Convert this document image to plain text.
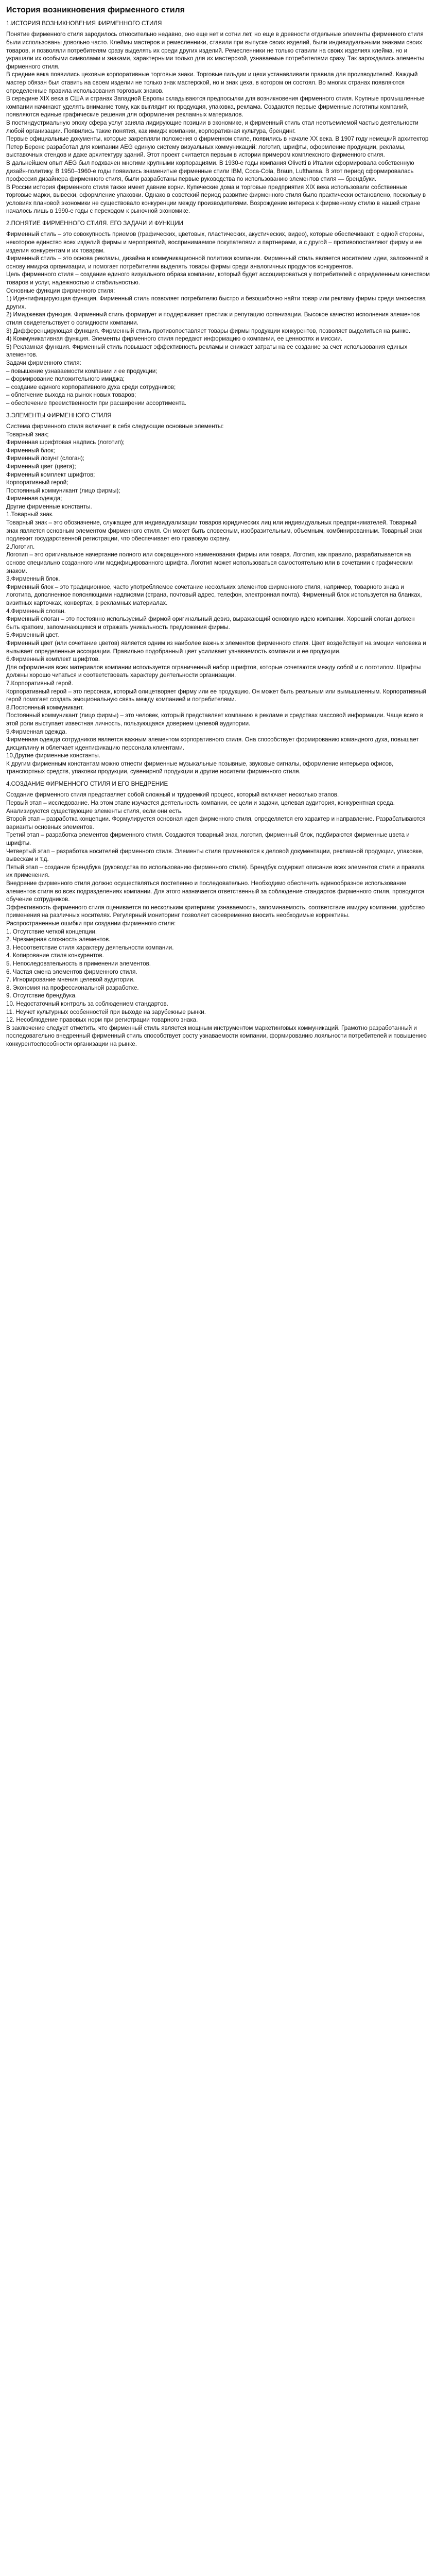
История возникновения фирменного стиля
1.ИСТОРИЯ ВОЗНИКНОВЕНИЯ ФИРМЕННОГО СТИЛЯ
Понятие фирменного стиля зародилось относительно недавно, оно еще нет и сотни лет, но еще в древности отдельные элементы фирменного стиля были использованы довольно часто. Клеймы мастеров и ремесленники, ставили при выпуске своих изделий, были индивидуальными знаками своих товаров, и позволяли потребителям сразу выделять их среди других изделий. Ремесленники не только ставили на своих изделиях клейма, но и украшали их особыми символами и знаками, характерными только для их мастерской, узнаваемые потребителями сразу. Так зарождались элементы фирменного стиля.
В средние века появились цеховые корпоративные торговые знаки. Торговые гильдии и цехи устанавливали правила для производителей. Каждый мастер обязан был ставить на своем изделии не только знак мастерской, но и знак цеха, в котором он состоял. Во многих странах появляются определенные правила использования торговых знаков.
В середине XIX века в США и странах Западной Европы складываются предпосылки для возникновения фирменного стиля. Крупные промышленные компании начинают уделять внимание тому, как выглядит их продукция, упаковка, реклама. Создаются первые фирменные логотипы компаний, появляются единые графические решения для оформления рекламных материалов.
В постиндустриальную эпоху сфера услуг заняла лидирующие позиции в экономике, и фирменный стиль стал неотъемлемой частью деятельности любой организации. Появились такие понятия, как имидж компании, корпоративная культура, брендинг.
Первые официальные документы, которые закрепляли положения о фирменном стиле, появились в начале XX века. В 1907 году немецкий архитектор Петер Беренс разработал для компании AEG единую систему визуальных коммуникаций: логотип, шрифты, оформление продукции, рекламы, выставочных стендов и даже архитектуру зданий. Этот проект считается первым в истории примером комплексного фирменного стиля.
В дальнейшем опыт AEG был подхвачен многими крупными корпорациями. В 1930-е годы компания Olivetti в Италии сформировала собственную дизайн-политику. В 1950–1960-е годы появились знаменитые фирменные стили IBM, Coca-Cola, Braun, Lufthansa. В этот период сформировалась профессия дизайнера фирменного стиля, были разработаны первые руководства по использованию элементов стиля — брендбуки.
В России история фирменного стиля также имеет давние корни. Купеческие дома и торговые предприятия XIX века использовали собственные торговые марки, вывески, оформление упаковки. Однако в советский период развитие фирменного стиля было практически остановлено, поскольку в условиях плановой экономики не существовало конкуренции между производителями. Возрождение интереса к фирменному стилю в нашей стране началось лишь в 1990-е годы с переходом к рыночной экономике.
2.ПОНЯТИЕ ФИРМЕННОГО СТИЛЯ. ЕГО ЗАДАЧИ И ФУНКЦИИ
Фирменный стиль – это совокупность приемов (графических, цветовых, пластических, акустических, видео), которые обеспечивают, с одной стороны, некоторое единство всех изделий фирмы и мероприятий, воспринимаемое покупателями и партнерами, а с другой – противопоставляют фирму и ее изделия конкурентам и их товарам.
Фирменный стиль – это основа рекламы, дизайна и коммуникационной политики компании. Фирменный стиль является носителем идеи, заложенной в основу имиджа организации, и помогает потребителям выделять товары фирмы среди аналогичных продуктов конкурентов.
Цель фирменного стиля – создание единого визуального образа компании, который будет ассоциироваться у потребителей с определенным качеством товаров и услуг, надежностью и стабильностью.
Основные функции фирменного стиля:
1) Идентифицирующая функция. Фирменный стиль позволяет потребителю быстро и безошибочно найти товар или рекламу фирмы среди множества других.
2) Имиджевая функция. Фирменный стиль формирует и поддерживает престиж и репутацию организации. Высокое качество исполнения элементов стиля свидетельствует о солидности компании.
3) Дифференцирующая функция. Фирменный стиль противопоставляет товары фирмы продукции конкурентов, позволяет выделиться на рынке.
4) Коммуникативная функция. Элементы фирменного стиля передают информацию о компании, ее ценностях и миссии.
5) Рекламная функция. Фирменный стиль повышает эффективность рекламы и снижает затраты на ее создание за счет использования единых элементов.
Задачи фирменного стиля:
– повышение узнаваемости компании и ее продукции;
– формирование положительного имиджа;
– создание единого корпоративного духа среди сотрудников;
– облегчение выхода на рынок новых товаров;
– обеспечение преемственности при расширении ассортимента.
3.ЭЛЕМЕНТЫ ФИРМЕННОГО СТИЛЯ
Система фирменного стиля включает в себя следующие основные элементы:
Товарный знак;
Фирменная шрифтовая надпись (логотип);
Фирменный блок;
Фирменный лозунг (слоган);
Фирменный цвет (цвета);
Фирменный комплект шрифтов;
Корпоративный герой;
Постоянный коммуникант (лицо фирмы);
Фирменная одежда;
Другие фирменные константы.
1.Товарный знак.
Товарный знак – это обозначение, служащее для индивидуализации товаров юридических лиц или индивидуальных предпринимателей. Товарный знак является основным элементом фирменного стиля. Он может быть словесным, изобразительным, объемным, комбинированным. Товарный знак подлежит государственной регистрации, что обеспечивает его правовую охрану.
2.Логотип.
Логотип – это оригинальное начертание полного или сокращенного наименования фирмы или товара. Логотип, как правило, разрабатывается на основе специально созданного или модифицированного шрифта. Логотип может использоваться самостоятельно или в сочетании с графическим знаком.
3.Фирменный блок.
Фирменный блок – это традиционное, часто употребляемое сочетание нескольких элементов фирменного стиля, например, товарного знака и логотипа, дополненное поясняющими надписями (страна, почтовый адрес, телефон, электронная почта). Фирменный блок используется на бланках, визитных карточках, конвертах, в рекламных материалах.
4.Фирменный слоган.
Фирменный слоган – это постоянно используемый фирмой оригинальный девиз, выражающий основную идею компании. Хороший слоган должен быть кратким, запоминающимся и отражать уникальность предложения фирмы.
5.Фирменный цвет.
Фирменный цвет (или сочетание цветов) является одним из наиболее важных элементов фирменного стиля. Цвет воздействует на эмоции человека и вызывает определенные ассоциации. Правильно подобранный цвет усиливает узнаваемость компании и ее продукции.
6.Фирменный комплект шрифтов.
Для оформления всех материалов компании используется ограниченный набор шрифтов, которые сочетаются между собой и с логотипом. Шрифты должны хорошо читаться и соответствовать характеру деятельности организации.
7.Корпоративный герой.
Корпоративный герой – это персонаж, который олицетворяет фирму или ее продукцию. Он может быть реальным или вымышленным. Корпоративный герой помогает создать эмоциональную связь между компанией и потребителями.
8.Постоянный коммуникант.
Постоянный коммуникант (лицо фирмы) – это человек, который представляет компанию в рекламе и средствах массовой информации. Чаще всего в этой роли выступает известная личность, пользующаяся доверием целевой аудитории.
9.Фирменная одежда.
Фирменная одежда сотрудников является важным элементом корпоративного стиля. Она способствует формированию командного духа, повышает дисциплину и облегчает идентификацию персонала клиентами.
10.Другие фирменные константы.
К другим фирменным константам можно отнести фирменные музыкальные позывные, звуковые сигналы, оформление интерьера офисов, транспортных средств, упаковки продукции, сувенирной продукции и другие носители фирменного стиля.
4.СОЗДАНИЕ ФИРМЕННОГО СТИЛЯ И ЕГО ВНЕДРЕНИЕ
Создание фирменного стиля представляет собой сложный и трудоемкий процесс, который включает несколько этапов.
Первый этап – исследование. На этом этапе изучается деятельность компании, ее цели и задачи, целевая аудитория, конкурентная среда. Анализируются существующие элементы стиля, если они есть.
Второй этап – разработка концепции. Формулируется основная идея фирменного стиля, определяется его характер и направление. Разрабатываются варианты основных элементов.
Третий этап – разработка элементов фирменного стиля. Создаются товарный знак, логотип, фирменный блок, подбираются фирменные цвета и шрифты.
Четвертый этап – разработка носителей фирменного стиля. Элементы стиля применяются к деловой документации, рекламной продукции, упаковке, вывескам и т.д.
Пятый этап – создание брендбука (руководства по использованию фирменного стиля). Брендбук содержит описание всех элементов стиля и правила их применения.
Внедрение фирменного стиля должно осуществляться постепенно и последовательно. Необходимо обеспечить единообразное использование элементов стиля во всех подразделениях компании. Для этого назначается ответственный за соблюдение стандартов фирменного стиля, проводится обучение сотрудников.
Эффективность фирменного стиля оценивается по нескольким критериям: узнаваемость, запоминаемость, соответствие имиджу компании, удобство применения на различных носителях. Регулярный мониторинг позволяет своевременно вносить необходимые коррективы.
Распространенные ошибки при создании фирменного стиля:
1. Отсутствие четкой концепции.
2. Чрезмерная сложность элементов.
3. Несоответствие стиля характеру деятельности компании.
4. Копирование стиля конкурентов.
5. Непоследовательность в применении элементов.
6. Частая смена элементов фирменного стиля.
7. Игнорирование мнения целевой аудитории.
8. Экономия на профессиональной разработке.
9. Отсутствие брендбука.
10. Недостаточный контроль за соблюдением стандартов.
11. Неучет культурных особенностей при выходе на зарубежные рынки.
12. Несоблюдение правовых норм при регистрации товарного знака.
В заключение следует отметить, что фирменный стиль является мощным инструментом маркетинговых коммуникаций. Грамотно разработанный и последовательно внедренный фирменный стиль способствует росту узнаваемости компании, формированию лояльности потребителей и повышению конкурентоспособности организации на рынке.
